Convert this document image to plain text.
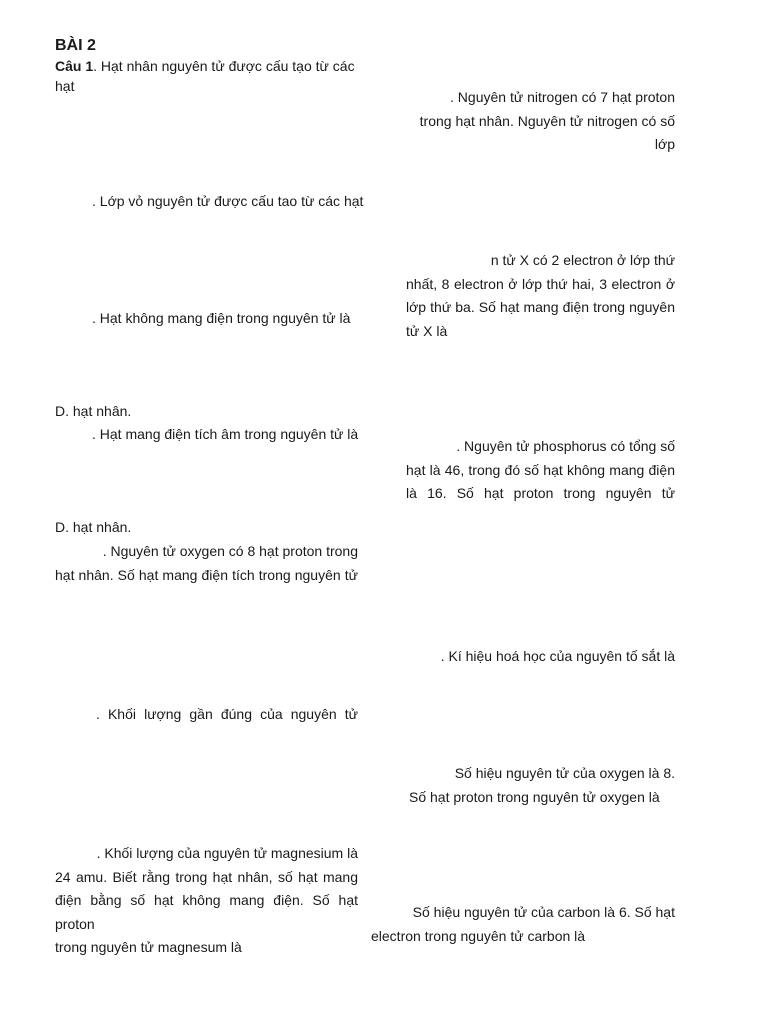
BÀI 2
Câu 1. Hạt nhân nguyên tử được cấu tạo từ các
hạt
. Lớp vỏ nguyên tử được cấu tao từ các hạt
. Hạt không mang điện trong nguyên tử là
D. hạt nhân.
. Hạt mang điện tích âm trong nguyên tử là
D. hạt nhân.
. Nguyên tử oxygen có 8 hạt proton trong
hạt nhân. Số hạt mang điện tích trong nguyên tử
. Khối lượng gần đúng của nguyên tử
. Khối lượng của nguyên tử magnesium là
24 amu. Biết rằng trong hạt nhân, số hạt mang
điện bằng số hạt không mang điện. Số hạt proton
trong nguyên tử magnesum là
. Nguyên tử nitrogen có 7 hạt proton
trong hạt nhân. Nguyên tử nitrogen có số lớp
n tử X có 2 electron ở lớp thứ
nhất, 8 electron ở lớp thứ hai, 3 electron ở
lớp thứ ba. Số hạt mang điện trong nguyên
tử X là
. Nguyên tử phosphorus có tổng số
hạt là 46, trong đó số hạt không mang điện
là 16. Số hạt proton trong nguyên tử
. Kí hiệu hoá học của nguyên tố sắt là
Số hiệu nguyên tử của oxygen là 8.
Số hạt proton trong nguyên tử oxygen là
Số hiệu nguyên tử của carbon là 6. Số hạt
electron trong nguyên tử carbon là
